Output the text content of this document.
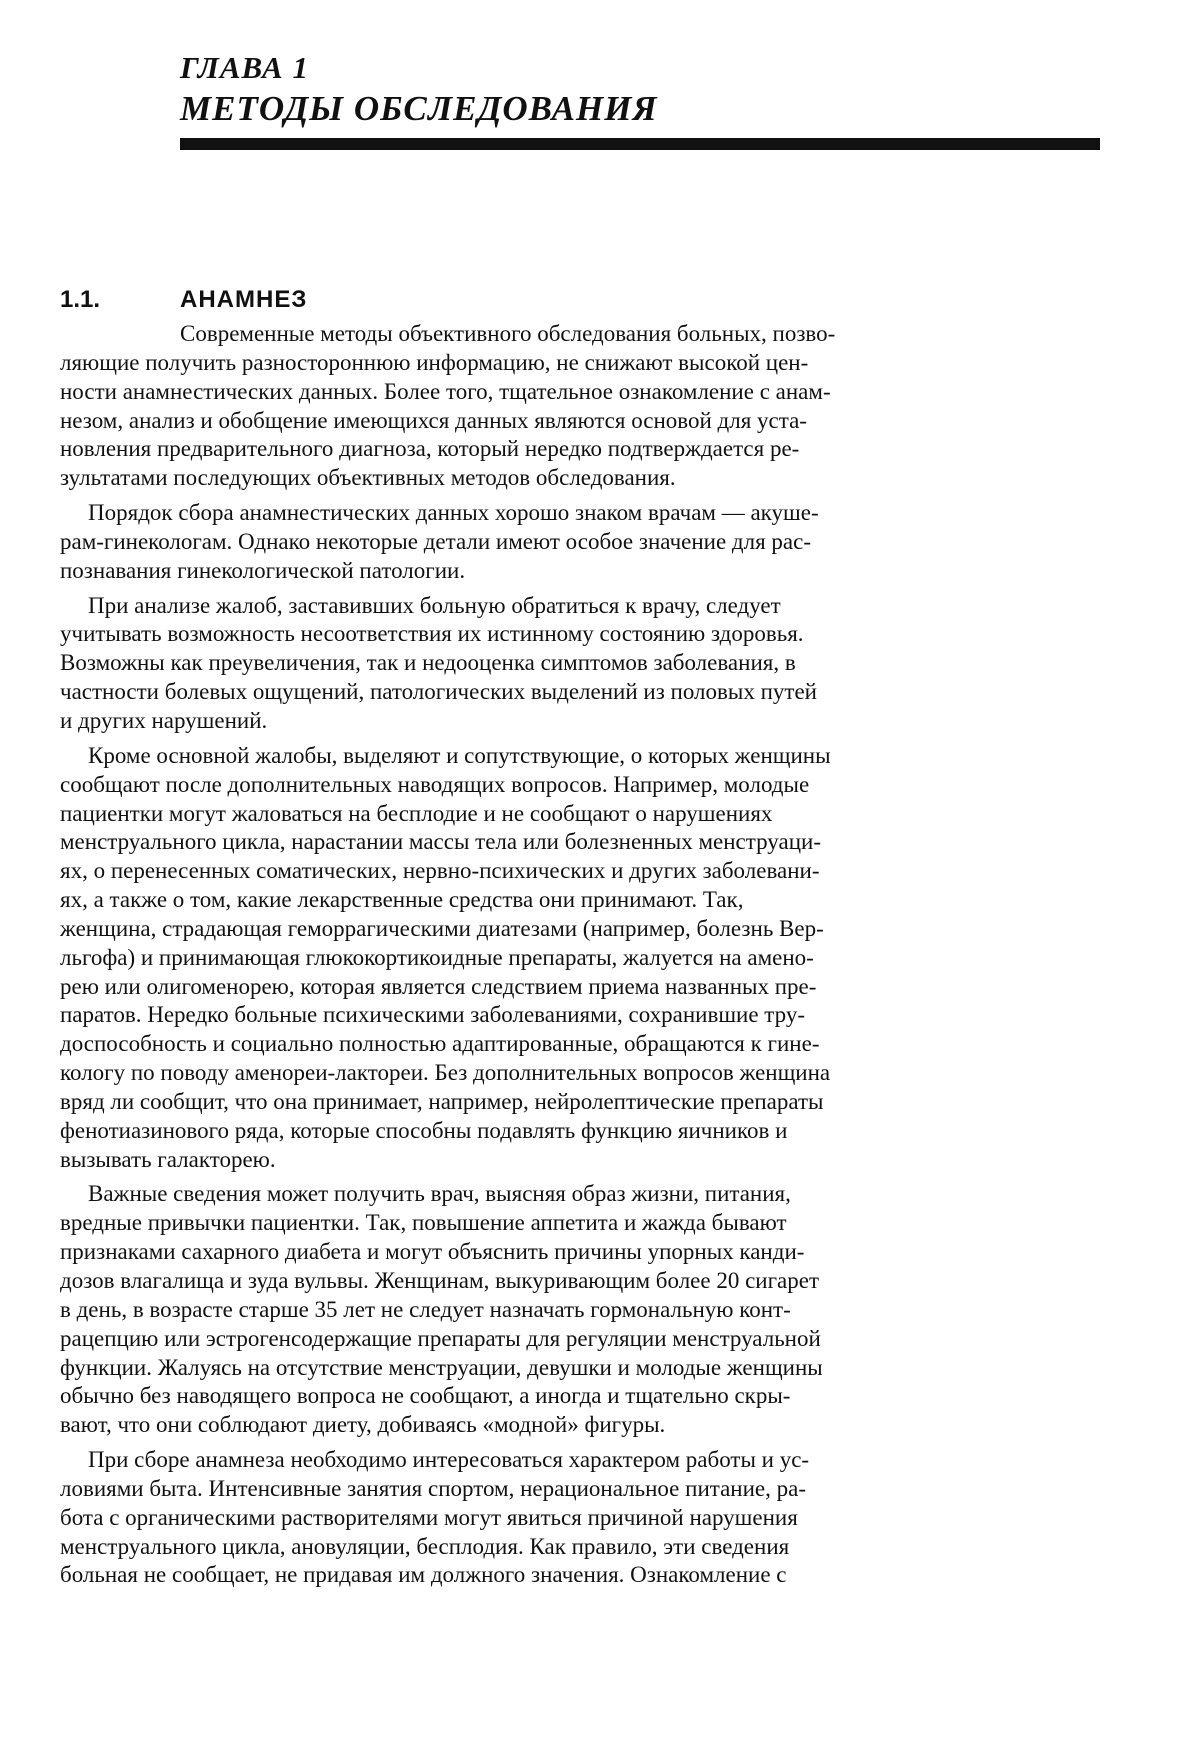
ГЛАВА 1
МЕТОДЫ ОБСЛЕДОВАНИЯ
1.1.	АНАМНЕЗ
Современные методы объективного обследования больных, позво-
ляющие получить разностороннюю информацию, не снижают высокой цен-
ности анамнестических данных. Более того, тщательное ознакомление с анам-
незом, анализ и обобщение имеющихся данных являются основой для уста-
новления предварительного диагноза, который нередко подтверждается ре-
зультатами последующих объективных методов обследования.
Порядок сбора анамнестических данных хорошо знаком врачам — акуше-
рам-гинекологам. Однако некоторые детали имеют особое значение для рас-
познавания гинекологической патологии.
При анализе жалоб, заставивших больную обратиться к врачу, следует
учитывать возможность несоответствия их истинному состоянию здоровья.
Возможны как преувеличения, так и недооценка симптомов заболевания, в
частности болевых ощущений, патологических выделений из половых путей
и других нарушений.
Кроме основной жалобы, выделяют и сопутствующие, о которых женщины
сообщают после дополнительных наводящих вопросов. Например, молодые
пациентки могут жаловаться на бесплодие и не сообщают о нарушениях
менструального цикла, нарастании массы тела или болезненных менструаци-
ях, о перенесенных соматических, нервно-психических и других заболевани-
ях, а также о том, какие лекарственные средства они принимают. Так,
женщина, страдающая геморрагическими диатезами (например, болезнь Вер-
льгофа) и принимающая глюкокортикоидные препараты, жалуется на амено-
рею или олигоменорею, которая является следствием приема названных пре-
паратов. Нередко больные психическими заболеваниями, сохранившие тру-
доспособность и социально полностью адаптированные, обращаются к гине-
кологу по поводу аменореи-лактореи. Без дополнительных вопросов женщина
вряд ли сообщит, что она принимает, например, нейролептические препараты
фенотиазинового ряда, которые способны подавлять функцию яичников и
вызывать галакторею.
Важные сведения может получить врач, выясняя образ жизни, питания,
вредные привычки пациентки. Так, повышение аппетита и жажда бывают
признаками сахарного диабета и могут объяснить причины упорных канди-
дозов влагалища и зуда вульвы. Женщинам, выкуривающим более 20 сигарет
в день, в возрасте старше 35 лет не следует назначать гормональную конт-
рацепцию или эстрогенсодержащие препараты для регуляции менструальной
функции. Жалуясь на отсутствие менструации, девушки и молодые женщины
обычно без наводящего вопроса не сообщают, а иногда и тщательно скры-
вают, что они соблюдают диету, добиваясь «модной» фигуры.
При сборе анамнеза необходимо интересоваться характером работы и ус-
ловиями быта. Интенсивные занятия спортом, нерациональное питание, ра-
бота с органическими растворителями могут явиться причиной нарушения
менструального цикла, ановуляции, бесплодия. Как правило, эти сведения
больная не сообщает, не придавая им должного значения. Ознакомление с
